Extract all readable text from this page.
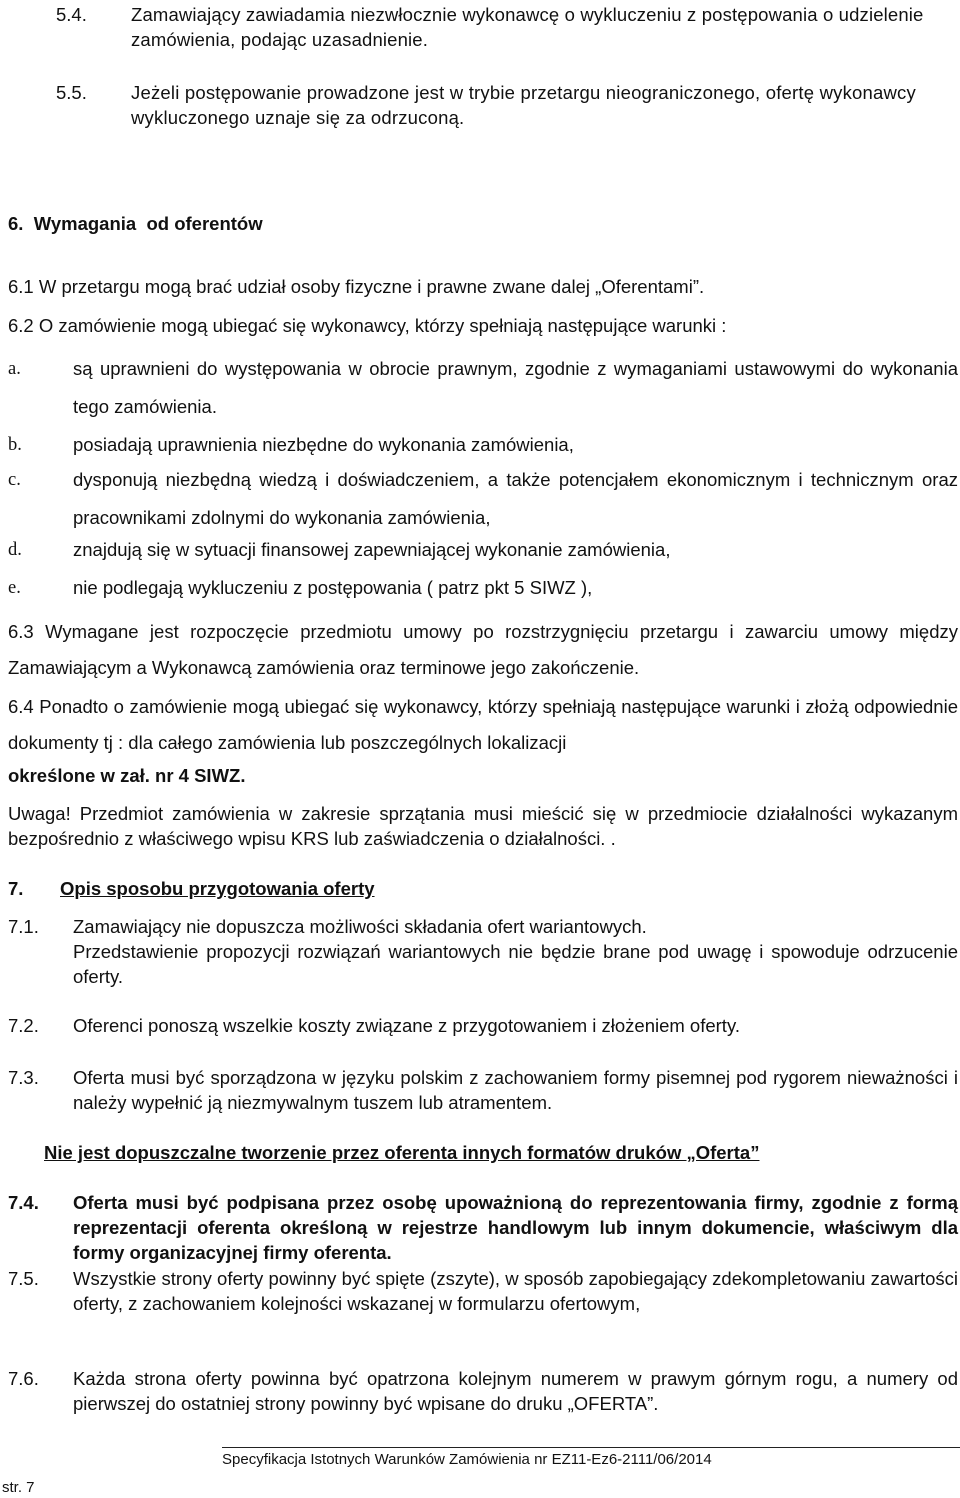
5.4.	Zamawiający zawiadamia niezwłocznie wykonawcę o wykluczeniu z postępowania o udzielenie zamówienia, podając uzasadnienie.
5.5.	Jeżeli postępowanie prowadzone jest w trybie przetargu nieograniczonego, ofertę wykonawcy wykluczonego uznaje się za odrzuconą.
6.  Wymagania  od oferentów
6.1 W przetargu mogą brać udział osoby fizyczne i prawne zwane dalej „Oferentami”.
6.2 O zamówienie mogą ubiegać się wykonawcy, którzy spełniają następujące warunki :
a.	są uprawnieni do występowania w obrocie prawnym, zgodnie z wymaganiami ustawowymi do wykonania tego zamówienia.
b.	posiadają uprawnienia niezbędne do wykonania zamówienia,
c.	dysponują niezbędną wiedzą i doświadczeniem, a także potencjałem ekonomicznym i technicznym oraz pracownikami zdolnymi do wykonania zamówienia,
d.	znajdują się w sytuacji finansowej zapewniającej wykonanie zamówienia,
e.	nie podlegają wykluczeniu z postępowania ( patrz pkt 5 SIWZ ),
6.3 Wymagane jest rozpoczęcie przedmiotu umowy po rozstrzygnięciu przetargu i zawarciu umowy między Zamawiającym a Wykonawcą zamówienia oraz terminowe jego zakończenie.
6.4 Ponadto o zamówienie mogą ubiegać się wykonawcy, którzy spełniają następujące warunki i złożą odpowiednie dokumenty tj : dla całego zamówienia lub poszczególnych lokalizacji
określone w zał. nr 4 SIWZ.
Uwaga! Przedmiot zamówienia w zakresie sprzątania musi mieścić się w przedmiocie działalności wykazanym bezpośrednio z właściwego wpisu KRS lub zaświadczenia o działalności. .
7. Opis sposobu przygotowania oferty
7.1.	Zamawiający nie dopuszcza możliwości składania ofert wariantowych.
Przedstawienie propozycji rozwiązań wariantowych nie będzie brane pod uwagę i spowoduje odrzucenie oferty.
7.2.	Oferenci ponoszą wszelkie koszty związane z przygotowaniem i złożeniem oferty.
7.3.	Oferta musi być sporządzona w języku polskim z zachowaniem formy pisemnej pod rygorem nieważności i należy wypełnić ją niezmywalnym tuszem lub atramentem.
Nie jest dopuszczalne tworzenie przez oferenta innych formatów druków „Oferta”
7.4.	Oferta musi być podpisana przez osobę upoważnioną do reprezentowania firmy, zgodnie z formą reprezentacji oferenta określoną w rejestrze handlowym lub innym dokumencie, właściwym dla formy organizacyjnej firmy oferenta.
7.5.	Wszystkie strony oferty powinny być spięte (zszyte), w sposób zapobiegający zdekompletowaniu zawartości oferty, z zachowaniem kolejności wskazanej w formularzu ofertowym,
7.6.	Każda strona oferty powinna być opatrzona kolejnym numerem w prawym górnym rogu, a numery od pierwszej do ostatniej strony powinny być wpisane do druku „OFERTA”.
Specyfikacja Istotnych Warunków Zamówienia nr EZ11-Ez6-2111/06/2014
str. 7
